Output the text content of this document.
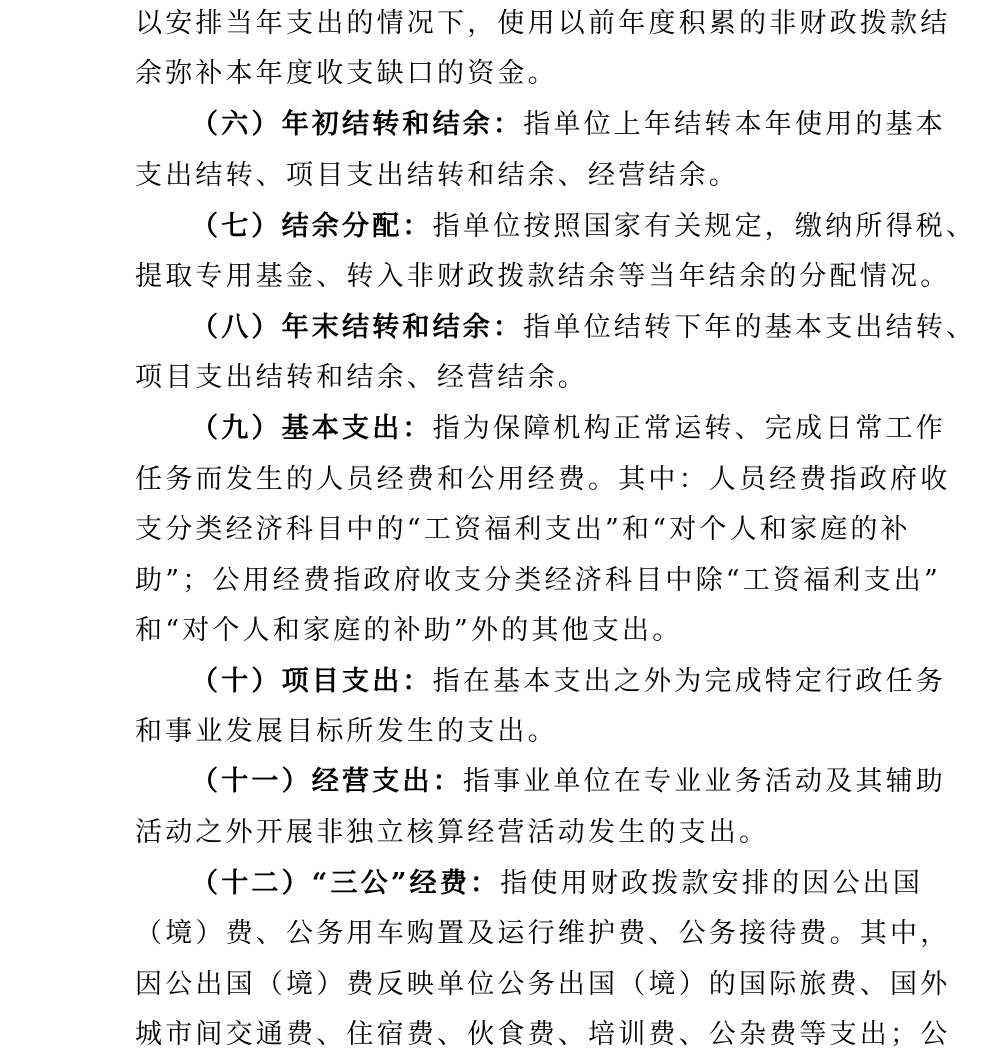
以安排当年支出的情况下，使用以前年度积累的非财政拨款结
余弥补本年度收支缺口的资金。
（六）年初结转和结余：指单位上年结转本年使用的基本
支出结转、项目支出结转和结余、经营结余。
（七）结余分配：指单位按照国家有关规定，缴纳所得税、
提取专用基金、转入非财政拨款结余等当年结余的分配情况。
（八）年末结转和结余：指单位结转下年的基本支出结转、
项目支出结转和结余、经营结余。
（九）基本支出：指为保障机构正常运转、完成日常工作
任务而发生的人员经费和公用经费。其中：人员经费指政府收
支分类经济科目中的“工资福利支出”和“对个人和家庭的补
助”；公用经费指政府收支分类经济科目中除“工资福利支出”
和“对个人和家庭的补助”外的其他支出。
（十）项目支出：指在基本支出之外为完成特定行政任务
和事业发展目标所发生的支出。
（十一）经营支出：指事业单位在专业业务活动及其辅助
活动之外开展非独立核算经营活动发生的支出。
（十二）“三公”经费：指使用财政拨款安排的因公出国
（境）费、公务用车购置及运行维护费、公务接待费。其中，
因公出国（境）费反映单位公务出国（境）的国际旅费、国外
城市间交通费、住宿费、伙食费、培训费、公杂费等支出；公
